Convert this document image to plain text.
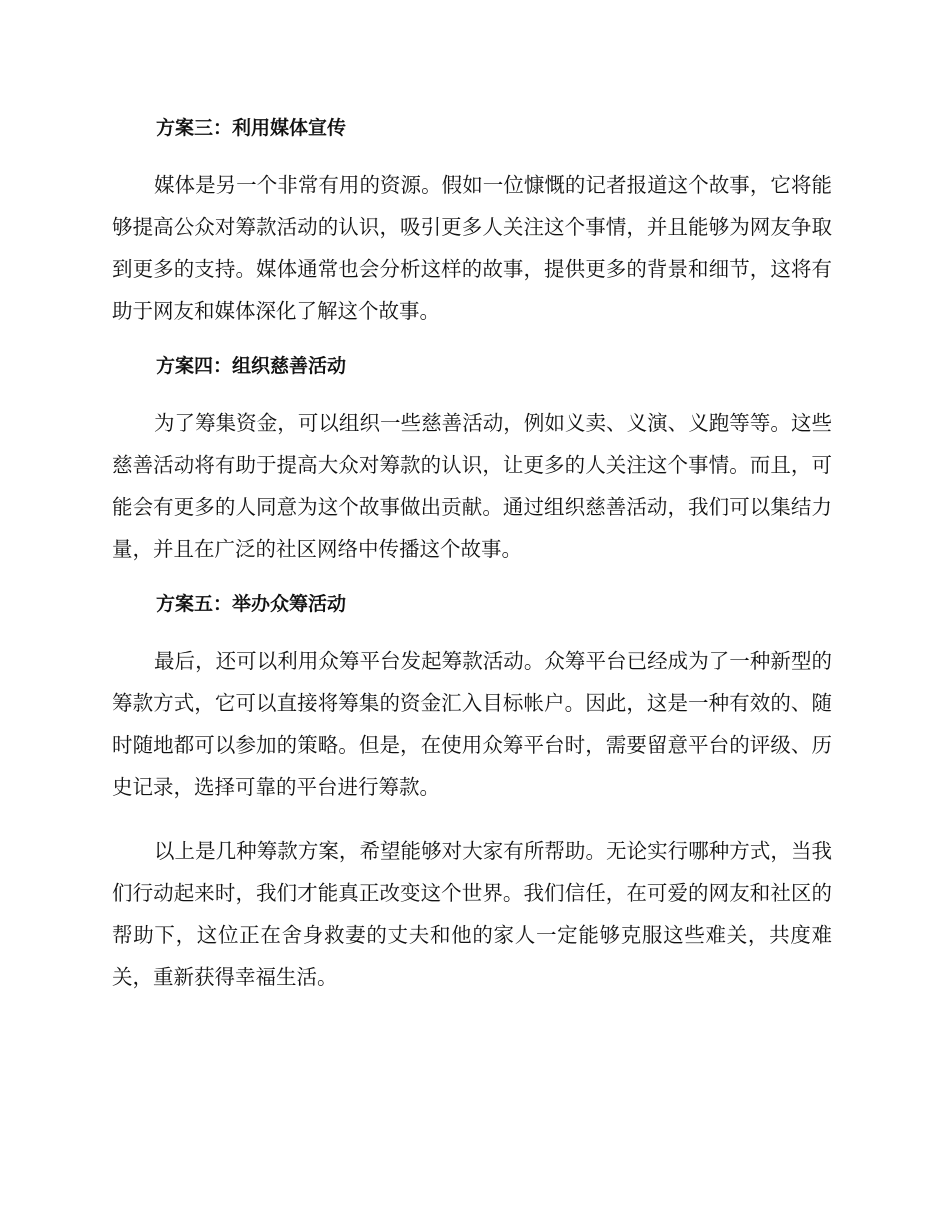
方案三：利用媒体宣传

媒体是另一个非常有用的资源。假如一位慷慨的记者报道这个故事，它将能够提高公众对筹款活动的认识，吸引更多人关注这个事情，并且能够为网友争取到更多的支持。媒体通常也会分析这样的故事，提供更多的背景和细节，这将有助于网友和媒体深化了解这个故事。

方案四：组织慈善活动

为了筹集资金，可以组织一些慈善活动，例如义卖、义演、义跑等等。这些慈善活动将有助于提高大众对筹款的认识，让更多的人关注这个事情。而且，可能会有更多的人同意为这个故事做出贡献。通过组织慈善活动，我们可以集结力量，并且在广泛的社区网络中传播这个故事。

方案五：举办众筹活动

最后，还可以利用众筹平台发起筹款活动。众筹平台已经成为了一种新型的筹款方式，它可以直接将筹集的资金汇入目标帐户。因此，这是一种有效的、随时随地都可以参加的策略。但是，在使用众筹平台时，需要留意平台的评级、历史记录，选择可靠的平台进行筹款。

以上是几种筹款方案，希望能够对大家有所帮助。无论实行哪种方式，当我们行动起来时，我们才能真正改变这个世界。我们信任，在可爱的网友和社区的帮助下，这位正在舍身救妻的丈夫和他的家人一定能够克服这些难关，共度难关，重新获得幸福生活。
